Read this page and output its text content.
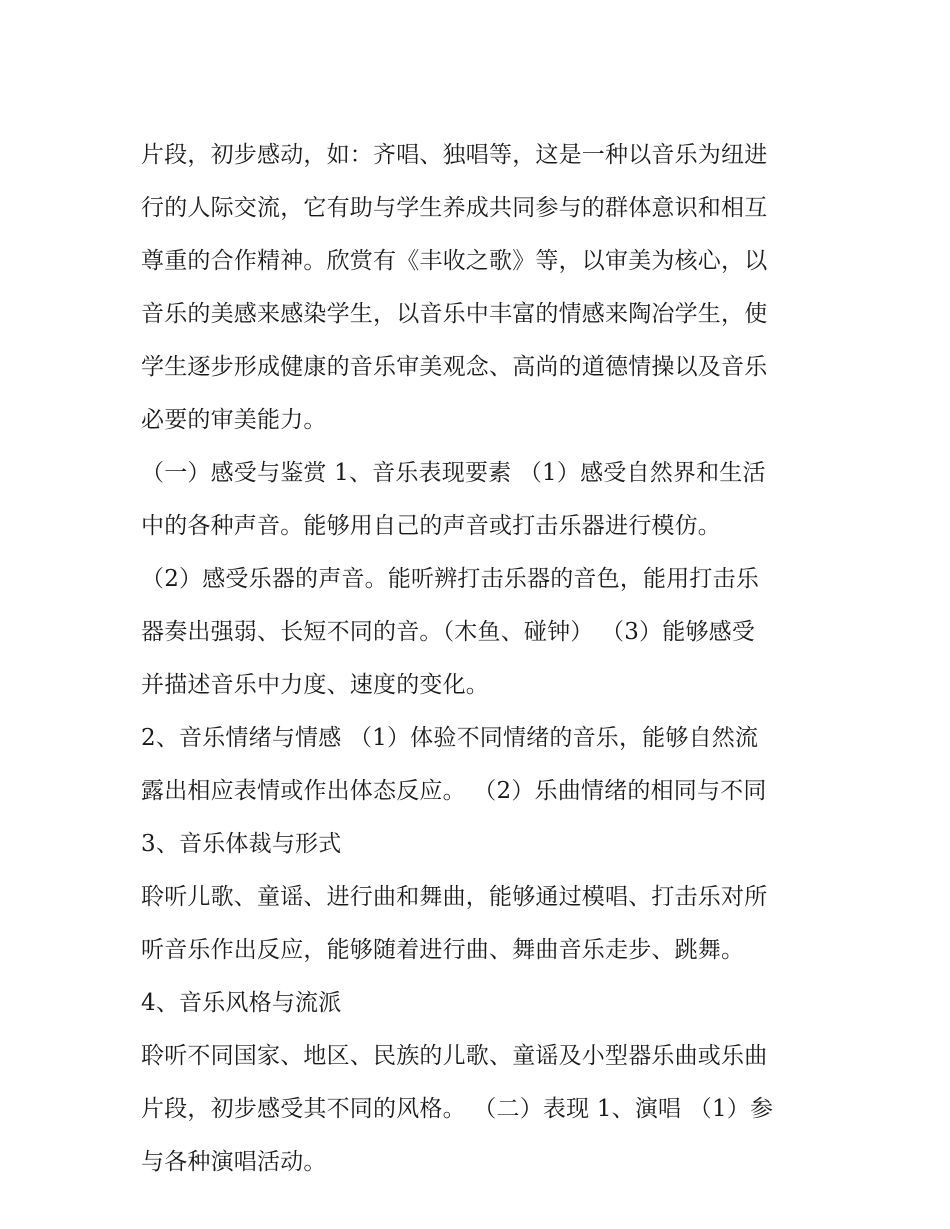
片段，初步感动，如：齐唱、独唱等，这是一种以音乐为纽进
行的人际交流，它有助与学生养成共同参与的群体意识和相互
尊重的合作精神。欣赏有《丰收之歌》等，以审美为核心，以
音乐的美感来感染学生，以音乐中丰富的情感来陶冶学生，使
学生逐步形成健康的音乐审美观念、高尚的道德情操以及音乐
必要的审美能力。
（一）感受与鉴赏 1、音乐表现要素 （1）感受自然界和生活
中的各种声音。能够用自己的声音或打击乐器进行模仿。
（2）感受乐器的声音。能听辨打击乐器的音色，能用打击乐
器奏出强弱、长短不同的音。（木鱼、碰钟） （3）能够感受
并描述音乐中力度、速度的变化。
2、音乐情绪与情感 （1）体验不同情绪的音乐，能够自然流
露出相应表情或作出体态反应。 （2）乐曲情绪的相同与不同
3、音乐体裁与形式
聆听儿歌、童谣、进行曲和舞曲，能够通过模唱、打击乐对所
听音乐作出反应，能够随着进行曲、舞曲音乐走步、跳舞。
4、音乐风格与流派
聆听不同国家、地区、民族的儿歌、童谣及小型器乐曲或乐曲
片段，初步感受其不同的风格。 （二）表现 1、演唱 （1）参
与各种演唱活动。
